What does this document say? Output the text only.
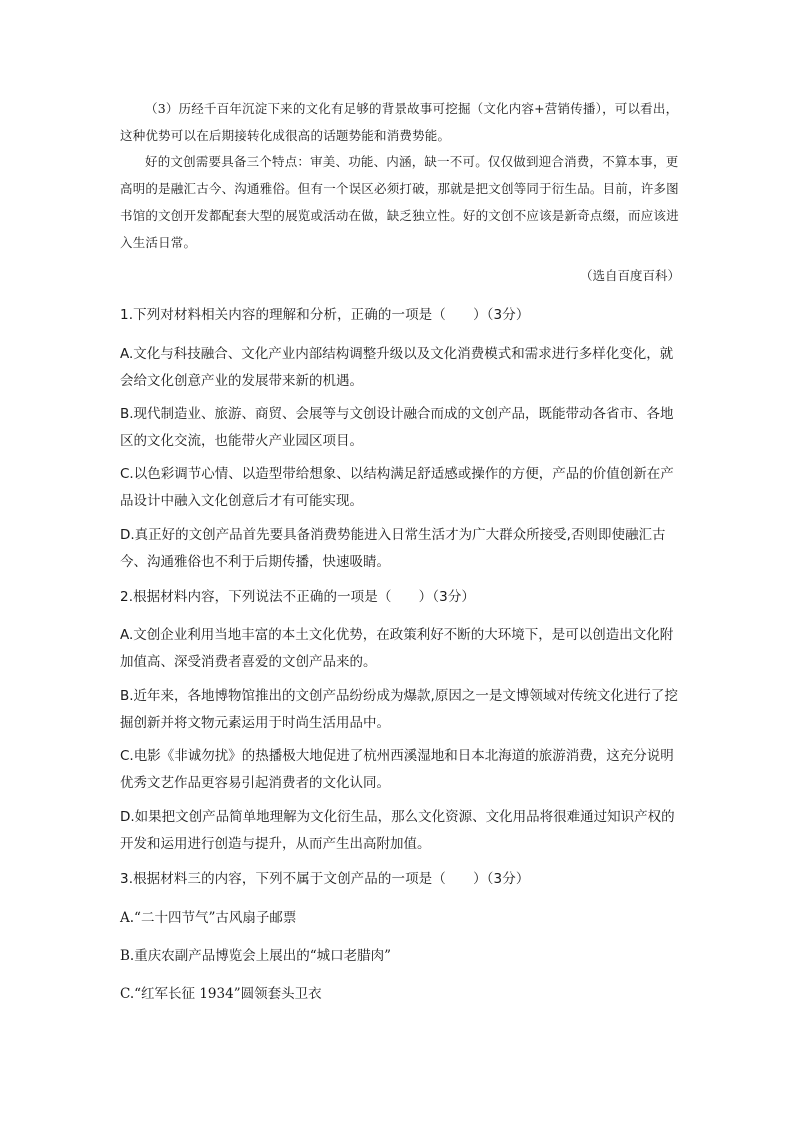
（3）历经千百年沉淀下来的文化有足够的背景故事可挖掘（文化内容+营销传播），可以看出，这种优势可以在后期接转化成很高的话题势能和消费势能。

好的文创需要具备三个特点：审美、功能、内涵，缺一不可。仅仅做到迎合消费，不算本事，更高明的是融汇古今、沟通雅俗。但有一个误区必须打破，那就是把文创等同于衍生品。目前，许多图书馆的文创开发都配套大型的展览或活动在做，缺乏独立性。好的文创不应该是新奇点缀，而应该进入生活日常。

（选自百度百科）

1.下列对材料相关内容的理解和分析，正确的一项是（　　）（3分）

A.文化与科技融合、文化产业内部结构调整升级以及文化消费模式和需求进行多样化变化，就会给文化创意产业的发展带来新的机遇。

B.现代制造业、旅游、商贸、会展等与文创设计融合而成的文创产品，既能带动各省市、各地区的文化交流，也能带火产业园区项目。

C.以色彩调节心情、以造型带给想象、以结构满足舒适感或操作的方便，产品的价值创新在产品设计中融入文化创意后才有可能实现。

D.真正好的文创产品首先要具备消费势能进入日常生活才为广大群众所接受,否则即使融汇古今、沟通雅俗也不利于后期传播，快速吸睛。

2.根据材料内容，下列说法不正确的一项是（　　）（3分）

A.文创企业利用当地丰富的本土文化优势，在政策利好不断的大环境下，是可以创造出文化附加值高、深受消费者喜爱的文创产品来的。

B.近年来，各地博物馆推出的文创产品纷纷成为爆款,原因之一是文博领域对传统文化进行了挖掘创新并将文物元素运用于时尚生活用品中。

C.电影《非诚勿扰》的热播极大地促进了杭州西溪湿地和日本北海道的旅游消费，这充分说明优秀文艺作品更容易引起消费者的文化认同。

D.如果把文创产品简单地理解为文化衍生品，那么文化资源、文化用品将很难通过知识产权的开发和运用进行创造与提升，从而产生出高附加值。

3.根据材料三的内容，下列不属于文创产品的一项是（　　）（3分）

A.“二十四节气”古风扇子邮票

B.重庆农副产品博览会上展出的“城口老腊肉”

C.“红军长征 1934”圆领套头卫衣
